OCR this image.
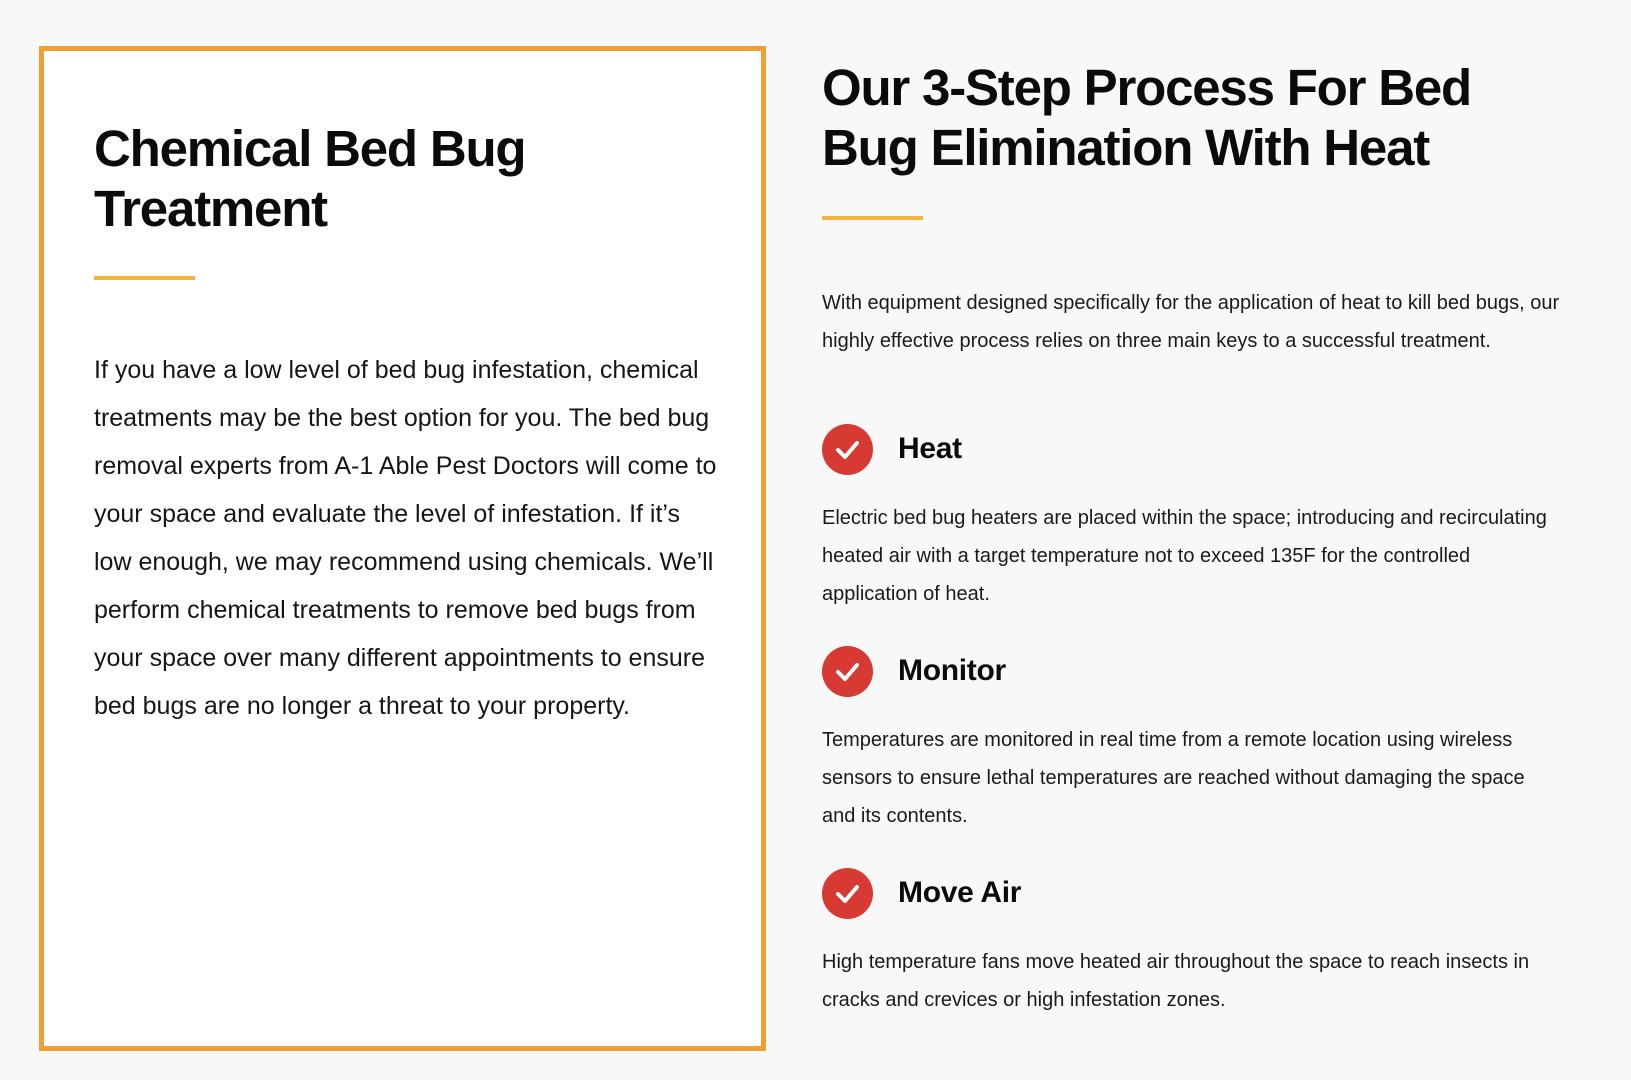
Chemical Bed Bug Treatment

If you have a low level of bed bug infestation, chemical treatments may be the best option for you. The bed bug removal experts from A-1 Able Pest Doctors will come to your space and evaluate the level of infestation. If it’s low enough, we may recommend using chemicals. We’ll perform chemical treatments to remove bed bugs from your space over many different appointments to ensure bed bugs are no longer a threat to your property.

Our 3-Step Process For Bed Bug Elimination With Heat

With equipment designed specifically for the application of heat to kill bed bugs, our highly effective process relies on three main keys to a successful treatment.

Heat

Electric bed bug heaters are placed within the space; introducing and recirculating heated air with a target temperature not to exceed 135F for the controlled application of heat.

Monitor

Temperatures are monitored in real time from a remote location using wireless sensors to ensure lethal temperatures are reached without damaging the space and its contents.

Move Air

High temperature fans move heated air throughout the space to reach insects in cracks and crevices or high infestation zones.
